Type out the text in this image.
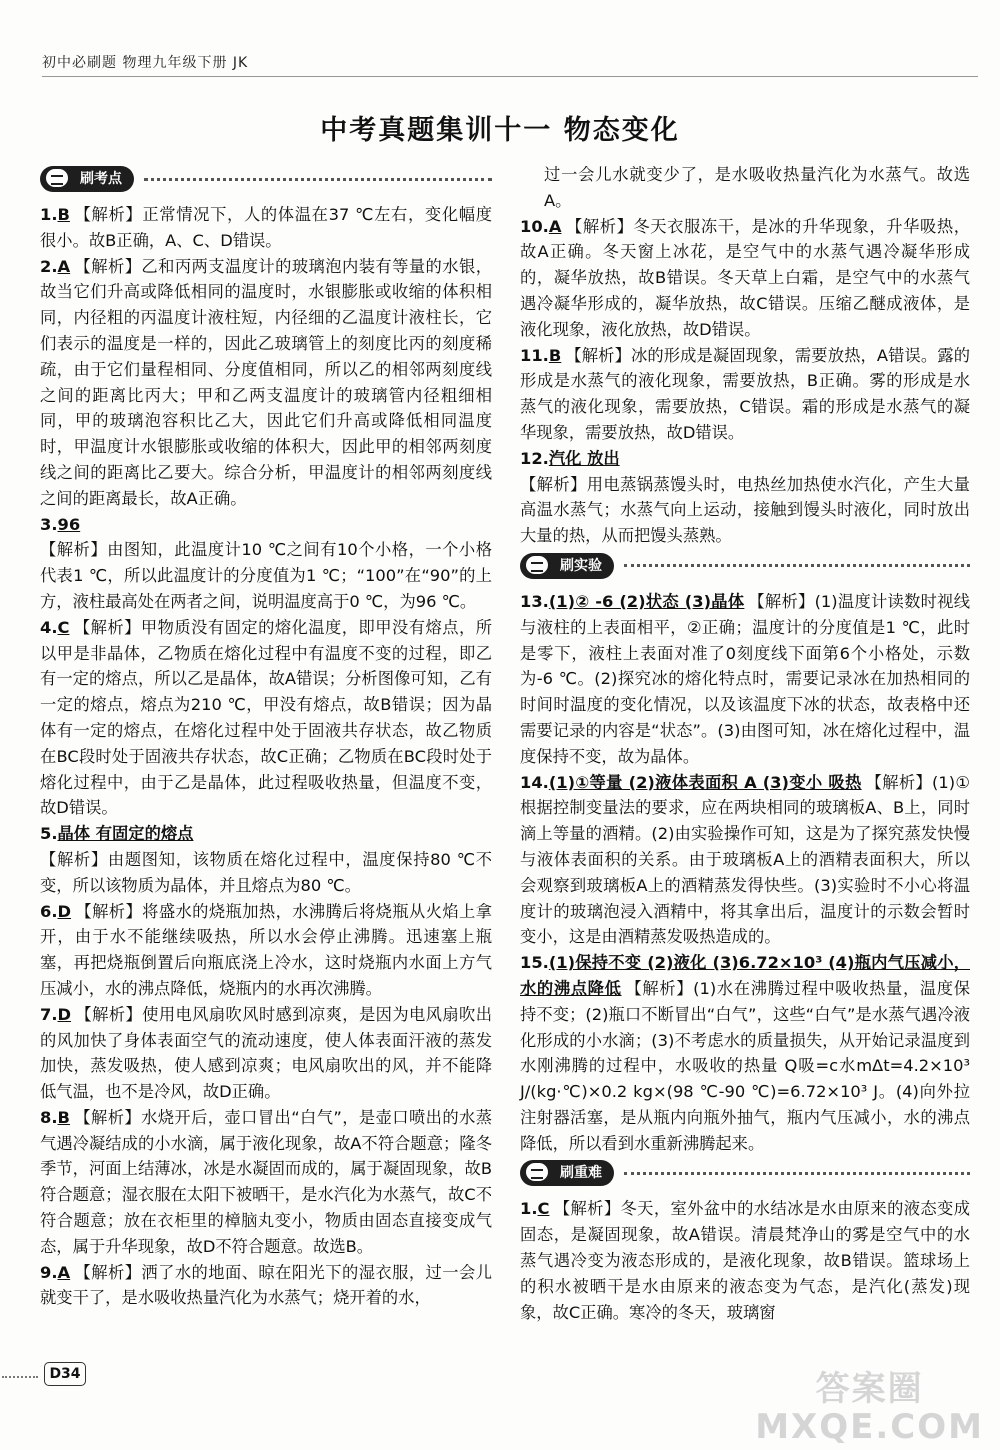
初中必刷题 物理九年级下册 JK
中考真题集训十一 物态变化
刷考点

1.B 【解析】正常情况下，人的体温在37 ℃左右，变化幅度很小。故B正确，A、C、D错误。

2.A 【解析】乙和丙两支温度计的玻璃泡内装有等量的水银，故当它们升高或降低相同的温度时，水银膨胀或收缩的体积相同，内径粗的丙温度计液柱短，内径细的乙温度计液柱长，它们表示的温度是一样的，因此乙玻璃管上的刻度比丙的刻度稀疏，由于它们量程相同、分度值相同，所以乙的相邻两刻度线之间的距离比丙大；甲和乙两支温度计的玻璃管内径粗细相同，甲的玻璃泡容积比乙大，因此它们升高或降低相同温度时，甲温度计水银膨胀或收缩的体积大，因此甲的相邻两刻度线之间的距离比乙要大。综合分析，甲温度计的相邻两刻度线之间的距离最长，故A正确。

3.96
【解析】由图知，此温度计10 ℃之间有10个小格，一个小格代表1 ℃，所以此温度计的分度值为1 ℃；“100”在“90”的上方，液柱最高处在两者之间，说明温度高于0 ℃，为96 ℃。

4.C 【解析】甲物质没有固定的熔化温度，即甲没有熔点，所以甲是非晶体，乙物质在熔化过程中有温度不变的过程，即乙有一定的熔点，所以乙是晶体，故A错误；分析图像可知，乙有一定的熔点，熔点为210 ℃，甲没有熔点，故B错误；因为晶体有一定的熔点，在熔化过程中处于固液共存状态，故乙物质在BC段时处于固液共存状态，故C正确；乙物质在BC段时处于熔化过程中，由于乙是晶体，此过程吸收热量，但温度不变，故D错误。

5.晶体 有固定的熔点
【解析】由题图知，该物质在熔化过程中，温度保持80 ℃不变，所以该物质为晶体，并且熔点为80 ℃。

6.D 【解析】将盛水的烧瓶加热，水沸腾后将烧瓶从火焰上拿开，由于水不能继续吸热，所以水会停止沸腾。迅速塞上瓶塞，再把烧瓶倒置后向瓶底浇上冷水，这时烧瓶内水面上方气压减小，水的沸点降低，烧瓶内的水再次沸腾。

7.D 【解析】使用电风扇吹风时感到凉爽，是因为电风扇吹出的风加快了身体表面空气的流动速度，使人体表面汗液的蒸发加快，蒸发吸热，使人感到凉爽；电风扇吹出的风，并不能降低气温，也不是冷风，故D正确。

8.B 【解析】水烧开后，壶口冒出“白气”，是壶口喷出的水蒸气遇冷凝结成的小水滴，属于液化现象，故A不符合题意；隆冬季节，河面上结薄冰，冰是水凝固而成的，属于凝固现象，故B符合题意；湿衣服在太阳下被晒干，是水汽化为水蒸气，故C不符合题意；放在衣柜里的樟脑丸变小，物质由固态直接变成气态，属于升华现象，故D不符合题意。故选B。

9.A 【解析】洒了水的地面、晾在阳光下的湿衣服，过一会儿就变干了，是水吸收热量汽化为水蒸气；烧开着的水，

过一会儿水就变少了，是水吸收热量汽化为水蒸气。故选A。

10.A 【解析】冬天衣服冻干，是冰的升华现象，升华吸热，故A正确。冬天窗上冰花，是空气中的水蒸气遇冷凝华形成的，凝华放热，故B错误。冬天草上白霜，是空气中的水蒸气遇冷凝华形成的，凝华放热，故C错误。压缩乙醚成液体，是液化现象，液化放热，故D错误。

11.B 【解析】冰的形成是凝固现象，需要放热，A错误。露的形成是水蒸气的液化现象，需要放热，B正确。雾的形成是水蒸气的液化现象，需要放热，C错误。霜的形成是水蒸气的凝华现象，需要放热，故D错误。

12.汽化 放出
【解析】用电蒸锅蒸馒头时，电热丝加热使水汽化，产生大量高温水蒸气；水蒸气向上运动，接触到馒头时液化，同时放出大量的热，从而把馒头蒸熟。

刷实验

13.(1)② -6 (2)状态 (3)晶体 【解析】(1)温度计读数时视线与液柱的上表面相平，②正确；温度计的分度值是1 ℃，此时是零下，液柱上表面对准了0刻度线下面第6个小格处，示数为-6 ℃。(2)探究冰的熔化特点时，需要记录冰在加热相同的时间时温度的变化情况，以及该温度下冰的状态，故表格中还需要记录的内容是“状态”。(3)由图可知，冰在熔化过程中，温度保持不变，故为晶体。

14.(1)①等量 (2)液体表面积 A (3)变小 吸热 【解析】(1)①根据控制变量法的要求，应在两块相同的玻璃板A、B上，同时滴上等量的酒精。(2)由实验操作可知，这是为了探究蒸发快慢与液体表面积的关系。由于玻璃板A上的酒精表面积大，所以会观察到玻璃板A上的酒精蒸发得快些。(3)实验时不小心将温度计的玻璃泡浸入酒精中，将其拿出后，温度计的示数会暂时变小，这是由酒精蒸发吸热造成的。

15.(1)保持不变 (2)液化 (3)6.72×10³ (4)瓶内气压减小，水的沸点降低 【解析】(1)水在沸腾过程中吸收热量，温度保持不变；(2)瓶口不断冒出“白气”，这些“白气”是水蒸气遇冷液化形成的小水滴；(3)不考虑水的质量损失，从开始记录温度到水刚沸腾的过程中，水吸收的热量 Q吸=c水mΔt=4.2×10³ J/(kg·℃)×0.2 kg×(98 ℃-90 ℃)=6.72×10³ J。(4)向外拉注射器活塞，是从瓶内向瓶外抽气，瓶内气压减小，水的沸点降低，所以看到水重新沸腾起来。

刷重难

1.C 【解析】冬天，室外盆中的水结冰是水由原来的液态变成固态，是凝固现象，故A错误。清晨梵净山的雾是空气中的水蒸气遇冷变为液态形成的，是液化现象，故B错误。篮球场上的积水被晒干是水由原来的液态变为气态，是汽化(蒸发)现象，故C正确。寒冷的冬天，玻璃窗

D34	答案圈
MXQE.COM
